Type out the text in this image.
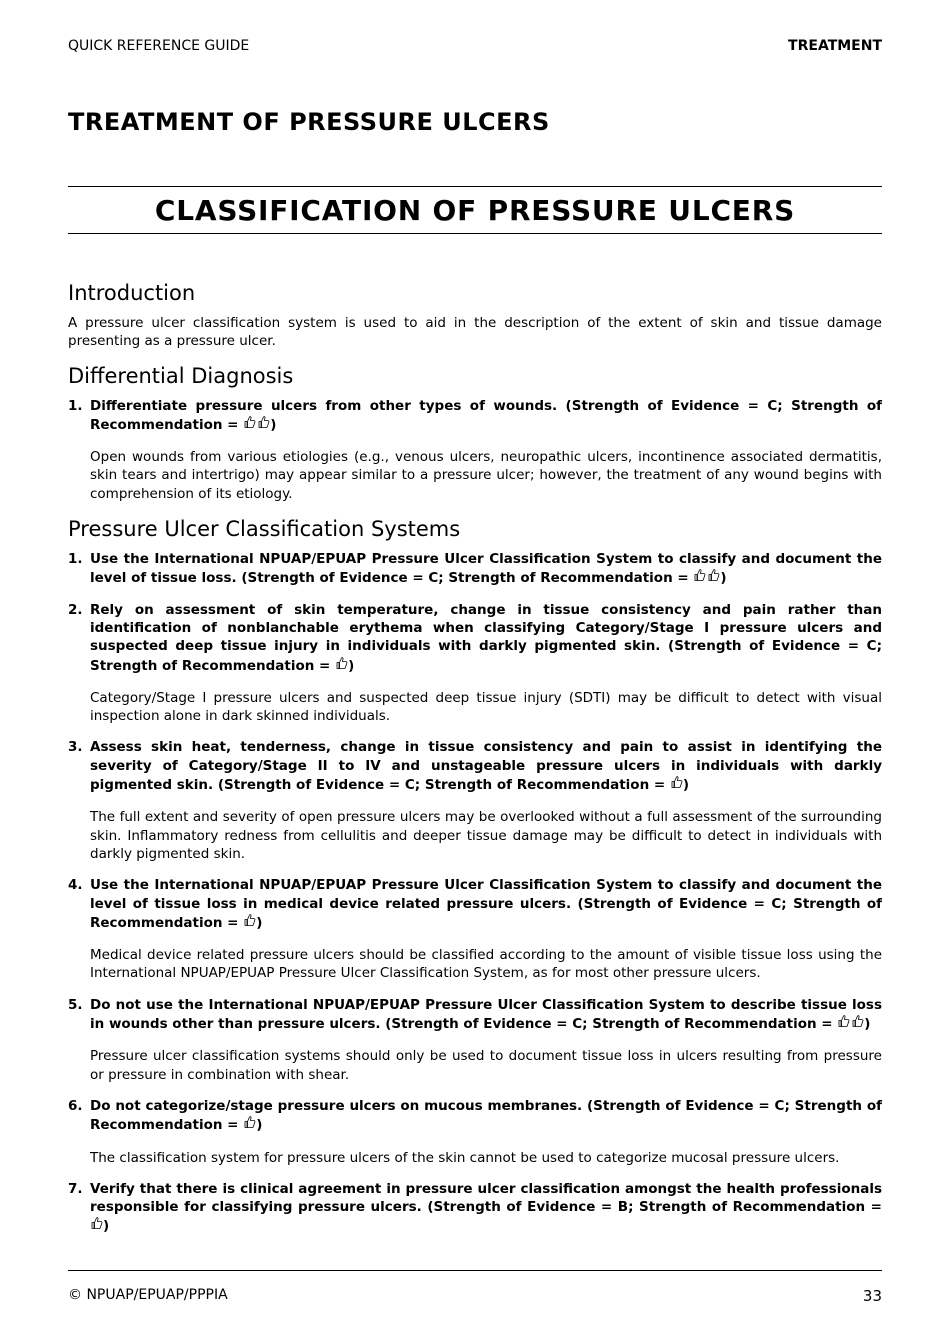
QUICK REFERENCE GUIDE	TREATMENT
TREATMENT OF PRESSURE ULCERS
CLASSIFICATION OF PRESSURE ULCERS
Introduction

A pressure ulcer classification system is used to aid in the description of the extent of skin and tissue damage presenting as a pressure ulcer.

Differential Diagnosis
1. Differentiate pressure ulcers from other types of wounds. (Strength of Evidence = C; Strength of Recommendation = )

Open wounds from various etiologies (e.g., venous ulcers, neuropathic ulcers, incontinence associated dermatitis, skin tears and intertrigo) may appear similar to a pressure ulcer; however, the treatment of any wound begins with comprehension of its etiology.

Pressure Ulcer Classification Systems
1. Use the International NPUAP/EPUAP Pressure Ulcer Classification System to classify and document the level of tissue loss. (Strength of Evidence = C; Strength of Recommendation = )

2. Rely on assessment of skin temperature, change in tissue consistency and pain rather than identification of nonblanchable erythema when classifying Category/Stage I pressure ulcers and suspected deep tissue injury in individuals with darkly pigmented skin. (Strength of Evidence = C; Strength of Recommendation = )

Category/Stage I pressure ulcers and suspected deep tissue injury (SDTI) may be difficult to detect with visual inspection alone in dark skinned individuals.

3. Assess skin heat, tenderness, change in tissue consistency and pain to assist in identifying the severity of Category/Stage II to IV and unstageable pressure ulcers in individuals with darkly pigmented skin. (Strength of Evidence = C; Strength of Recommendation = )

The full extent and severity of open pressure ulcers may be overlooked without a full assessment of the surrounding skin. Inflammatory redness from cellulitis and deeper tissue damage may be difficult to detect in individuals with darkly pigmented skin.

4. Use the International NPUAP/EPUAP Pressure Ulcer Classification System to classify and document the level of tissue loss in medical device related pressure ulcers. (Strength of Evidence = C; Strength of Recommendation = )

Medical device related pressure ulcers should be classified according to the amount of visible tissue loss using the International NPUAP/EPUAP Pressure Ulcer Classification System, as for most other pressure ulcers.

5. Do not use the International NPUAP/EPUAP Pressure Ulcer Classification System to describe tissue loss in wounds other than pressure ulcers. (Strength of Evidence = C; Strength of Recommendation = )

Pressure ulcer classification systems should only be used to document tissue loss in ulcers resulting from pressure or pressure in combination with shear.

6. Do not categorize/stage pressure ulcers on mucous membranes. (Strength of Evidence = C; Strength of Recommendation = )

The classification system for pressure ulcers of the skin cannot be used to categorize mucosal pressure ulcers.

7. Verify that there is clinical agreement in pressure ulcer classification amongst the health professionals responsible for classifying pressure ulcers. (Strength of Evidence = B; Strength of Recommendation =
)

© NPUAP/EPUAP/PPPIA	33
